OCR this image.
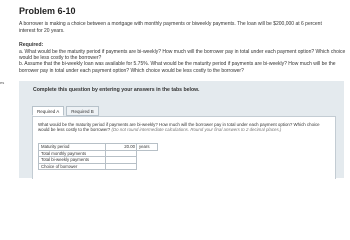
es
Problem 6-10
A borrower is making a choice between a mortgage with monthly payments or biweekly payments. The loan will be $200,000 at 6 percent interest for 20 years.
Required:

a. What would be the maturity period if payments are bi-weekly? How much will the borrower pay in total under each payment option? Which choice would be less costly to the borrower?

b. Assume that the bi-weekly loan was available for 5.75%. What would be the maturity period if payments are bi-weekly? How much will be the borrower pay in total under each payment option? Which choice would be less costly to the borrower?

Complete this question by entering your answers in the tabs below.
Required A	Required B
What would be the maturity period if payments are bi-weekly? How much will the borrower pay in total under each payment option? Which choice would be less costly to the borrower? (Do not round intermediate calculations. Round your final answers to 2 decimal places.)
Maturity period	20.00	years
Total monthly payments		
Total bi-weekly payments		
Choice of borrower		
